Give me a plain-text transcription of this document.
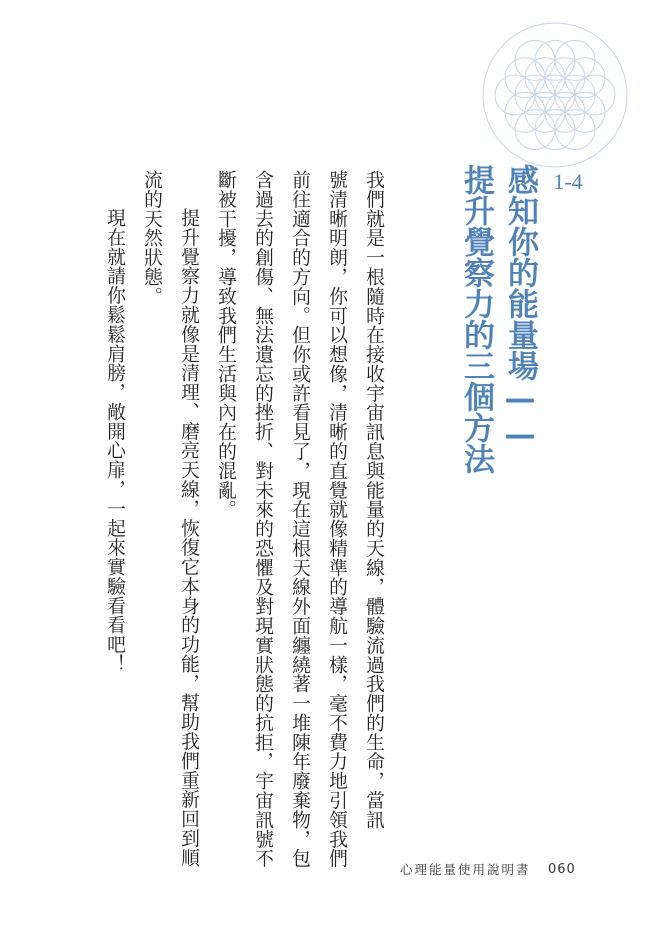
1-4
感知你的能量場——
提升覺察力的三個方法
我們就是一根隨時在接收宇宙訊息與能量的天線，體驗流過我們的生命，當訊
號清晰明朗，你可以想像，清晰的直覺就像精準的導航一樣，毫不費力地引領我們
前往適合的方向。但你或許看見了，現在這根天線外面纏繞著一堆陳年廢棄物，包
含過去的創傷、無法遺忘的挫折、對未來的恐懼及對現實狀態的抗拒，宇宙訊號不
斷被干擾，導致我們生活與內在的混亂。
提升覺察力就像是清理、磨亮天線，恢復它本身的功能，幫助我們重新回到順
流的天然狀態。
現在就請你鬆鬆肩膀，敞開心扉，一起來實驗看看吧！
心理能量使用說明書 060
